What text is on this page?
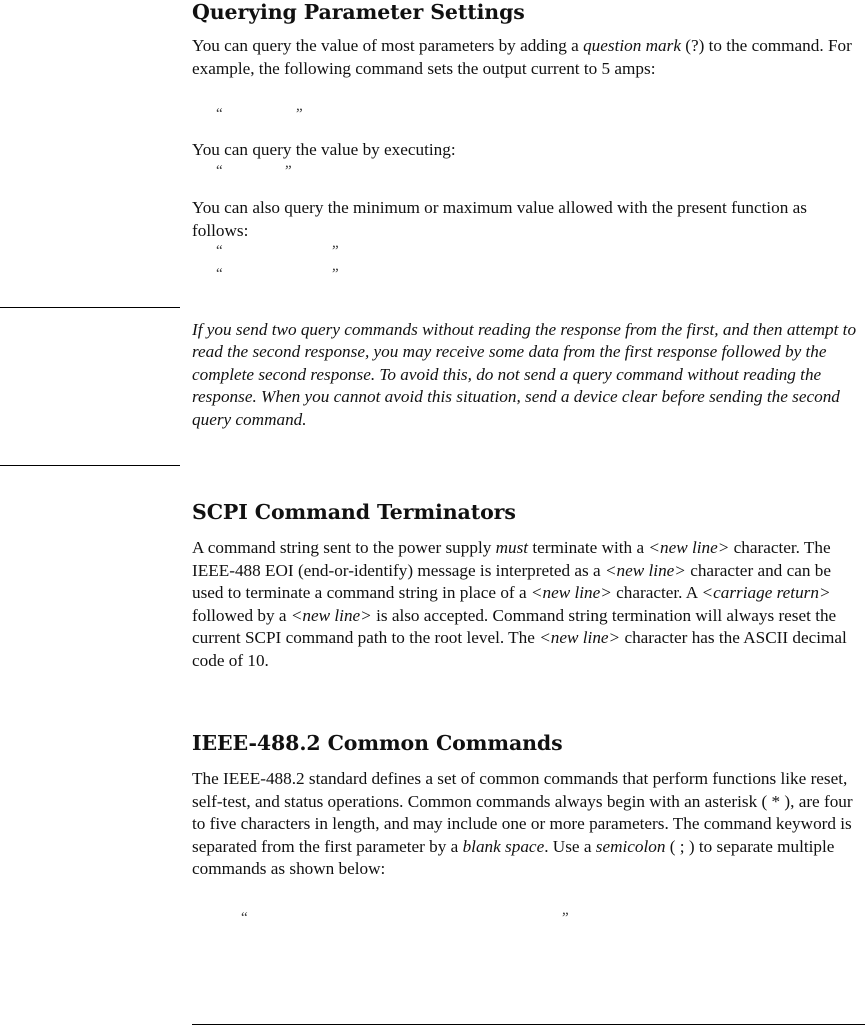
Querying Parameter Settings

You can query the value of most parameters by adding a question mark (?) to the command. For example, the following command sets the output current to 5 amps:

“	”

You can query the value by executing:

“	”

You can also query the minimum or maximum value allowed with the present function as follows:

“	”
“	”

If you send two query commands without reading the response from the first, and then attempt to read the second response, you may receive some data from the first response followed by the complete second response. To avoid this, do not send a query command without reading the response. When you cannot avoid this situation, send a device clear before sending the second query command.

SCPI Command Terminators

A command string sent to the power supply must terminate with a <new line> character. The IEEE-488 EOI (end-or-identify) message is interpreted as a <new line> character and can be used to terminate a command string in place of a <new line> character. A <carriage return> followed by a <new line> is also accepted. Command string termination will always reset the current SCPI command path to the root level. The <new line> character has the ASCII decimal code of 10.

IEEE-488.2 Common Commands

The IEEE-488.2 standard defines a set of common commands that perform functions like reset, self-test, and status operations. Common commands always begin with an asterisk ( * ), are four to five characters in length, and may include one or more parameters. The command keyword is separated from the first parameter by a blank space. Use a semicolon ( ; ) to separate multiple commands as shown below:

“	”
